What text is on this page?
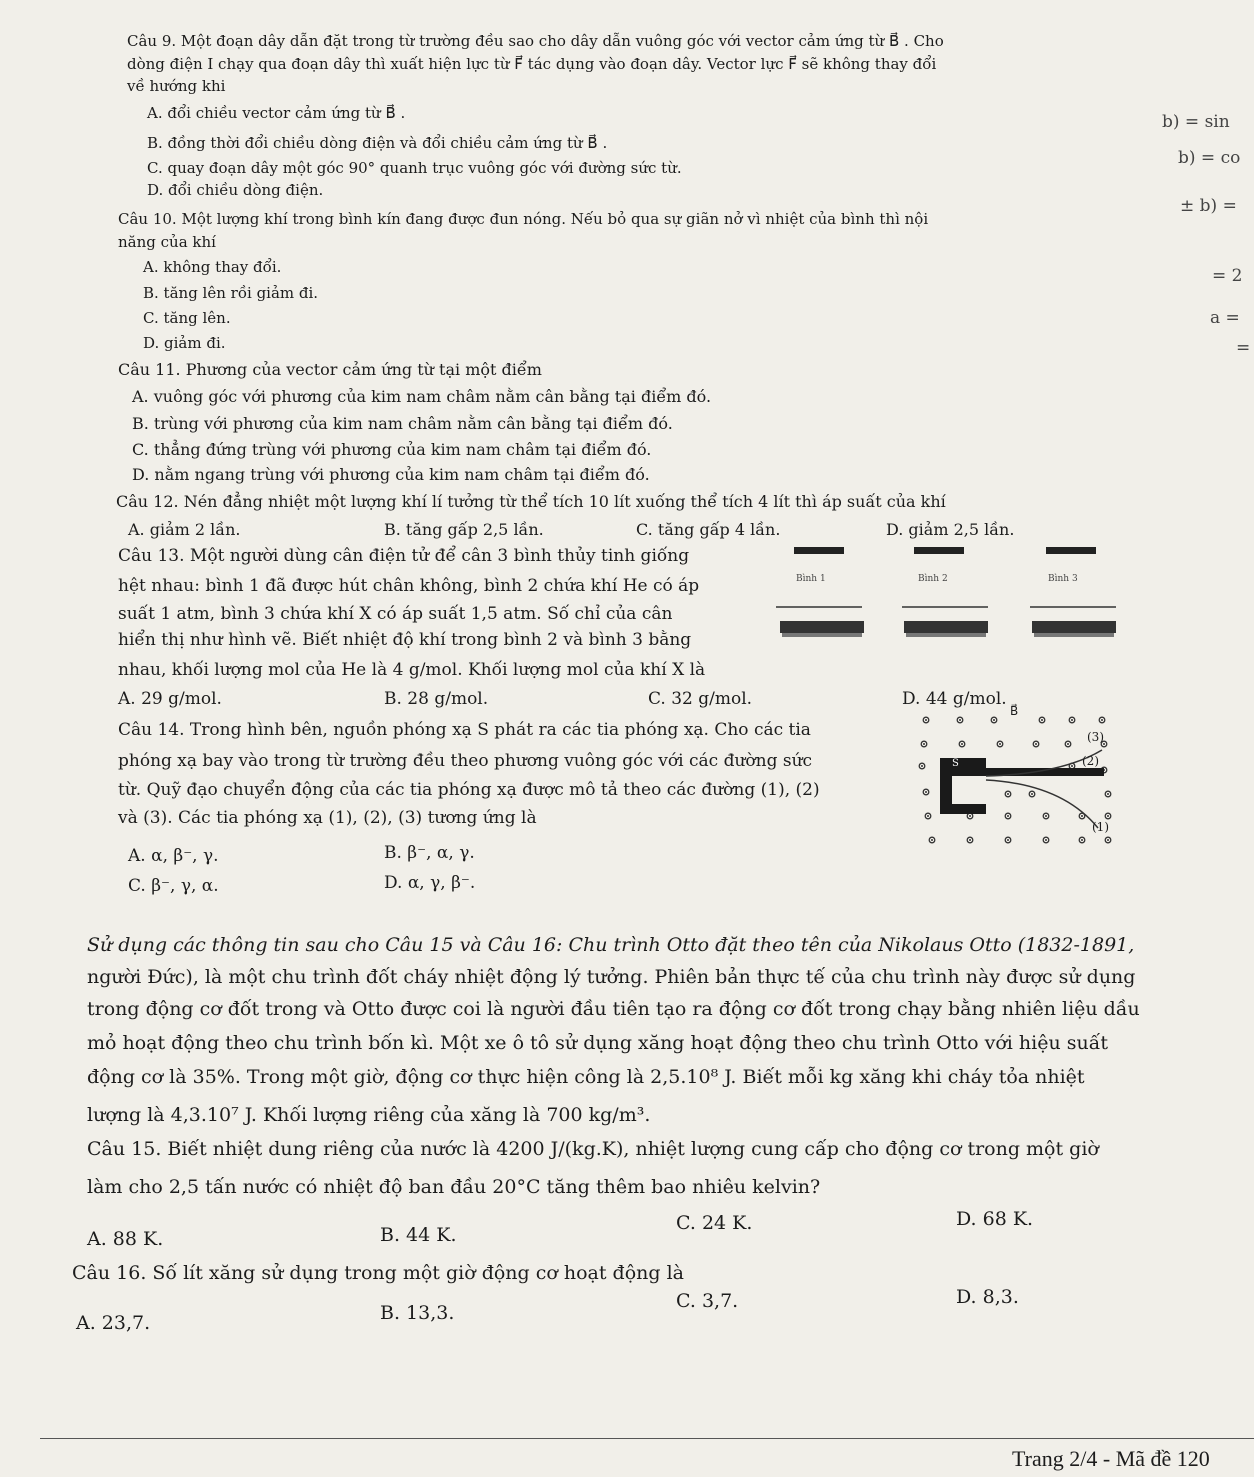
Câu 9. Một đoạn dây dẫn đặt trong từ trường đều sao cho dây dẫn vuông góc với vector cảm ứng từ B⃗ . Cho
dòng điện I chạy qua đoạn dây thì xuất hiện lực từ F⃗ tác dụng vào đoạn dây. Vector lực F⃗ sẽ không thay đổi
về hướng khi
A. đổi chiều vector cảm ứng từ B⃗ .
B. đồng thời đổi chiều dòng điện và đổi chiều cảm ứng từ B⃗ .
C. quay đoạn dây một góc 90° quanh trục vuông góc với đường sức từ.
D. đổi chiều dòng điện.
Câu 10. Một lượng khí trong bình kín đang được đun nóng. Nếu bỏ qua sự giãn nở vì nhiệt của bình thì nội
năng của khí
A. không thay đổi.
B. tăng lên rồi giảm đi.
C. tăng lên.
D. giảm đi.
Câu 11. Phương của vector cảm ứng từ tại một điểm
A. vuông góc với phương của kim nam châm nằm cân bằng tại điểm đó.
B. trùng với phương của kim nam châm nằm cân bằng tại điểm đó.
C. thẳng đứng trùng với phương của kim nam châm tại điểm đó.
D. nằm ngang trùng với phương của kim nam châm tại điểm đó.
Câu 12. Nén đẳng nhiệt một lượng khí lí tưởng từ thể tích 10 lít xuống thể tích 4 lít thì áp suất của khí
A. giảm 2 lần.	B. tăng gấp 2,5 lần.	C. tăng gấp 4 lần.	D. giảm 2,5 lần.
Câu 13. Một người dùng cân điện tử để cân 3 bình thủy tinh giống
hệt nhau: bình 1 đã được hút chân không, bình 2 chứa khí He có áp
suất 1 atm, bình 3 chứa khí X có áp suất 1,5 atm. Số chỉ của cân
hiển thị như hình vẽ. Biết nhiệt độ khí trong bình 2 và bình 3 bằng
nhau, khối lượng mol của He là 4 g/mol. Khối lượng mol của khí X là
A. 29 g/mol.	B. 28 g/mol.	C. 32 g/mol.	D. 44 g/mol.
Bình 1	Bình 2	Bình 3
Câu 14. Trong hình bên, nguồn phóng xạ S phát ra các tia phóng xạ. Cho các tia
phóng xạ bay vào trong từ trường đều theo phương vuông góc với các đường sức
từ. Quỹ đạo chuyển động của các tia phóng xạ được mô tả theo các đường (1), (2)
và (3). Các tia phóng xạ (1), (2), (3) tương ứng là
A. α, β⁻, γ.	B. β⁻, α, γ.
C. β⁻, γ, α.	D. α, γ, β⁻.
B⃗
S
(3)
(2)
(1)
Sử dụng các thông tin sau cho Câu 15 và Câu 16: Chu trình Otto đặt theo tên của Nikolaus Otto (1832-1891,
người Đức), là một chu trình đốt cháy nhiệt động lý tưởng. Phiên bản thực tế của chu trình này được sử dụng
trong động cơ đốt trong và Otto được coi là người đầu tiên tạo ra động cơ đốt trong chạy bằng nhiên liệu dầu
mỏ hoạt động theo chu trình bốn kì. Một xe ô tô sử dụng xăng hoạt động theo chu trình Otto với hiệu suất
động cơ là 35%. Trong một giờ, động cơ thực hiện công là 2,5.10⁸ J. Biết mỗi kg xăng khi cháy tỏa nhiệt
lượng là 4,3.10⁷ J. Khối lượng riêng của xăng là 700 kg/m³.
Câu 15. Biết nhiệt dung riêng của nước là 4200 J/(kg.K), nhiệt lượng cung cấp cho động cơ trong một giờ
làm cho 2,5 tấn nước có nhiệt độ ban đầu 20°C tăng thêm bao nhiêu kelvin?
A. 88 K.	B. 44 K.
C. 24 K.	D. 68 K.
Câu 16. Số lít xăng sử dụng trong một giờ động cơ hoạt động là
A. 23,7.	B. 13,3.
C. 3,7.	D. 8,3.
b) = sin
b) = co
± b) =
= 2
a =
=
Trang 2/4 - Mã đề 120
